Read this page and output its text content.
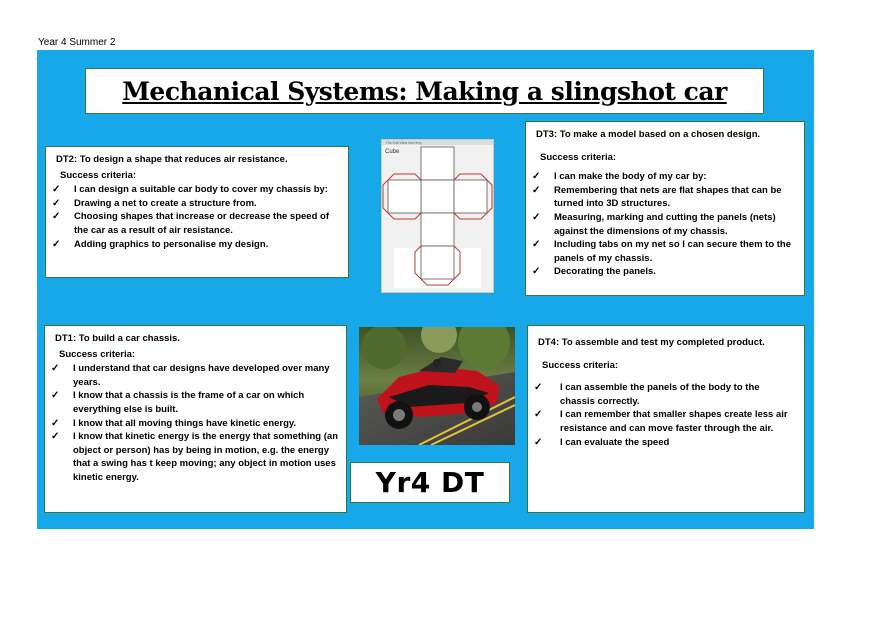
Year 4 Summer 2
Mechanical Systems: Making a slingshot car
DT2: To design a shape that reduces air resistance.
Success criteria:
✓ I can design a suitable car body to cover my chassis by:
✓ Drawing a net to create a structure from.
✓ Choosing shapes that increase or decrease the speed of the car as a result of air resistance.
✓ Adding graphics to personalise my design.
File Edit View Net Help
Cube
DT3: To make a model based on a chosen design.
Success criteria:
✓ I can make the body of my car by:
✓ Remembering that nets are flat shapes that can be turned into 3D structures.
✓ Measuring, marking and cutting the panels (nets) against the dimensions of my chassis.
✓ Including tabs on my net so I can secure them to the panels of my chassis.
✓ Decorating the panels.
DT1: To build a car chassis.
Success criteria:
✓ I understand that car designs have developed over many years.
✓ I know that a chassis is the frame of a car on which everything else is built.
✓ I know that all moving things have kinetic energy.
✓ I know that kinetic energy is the energy that something (an object or person) has by being in motion, e.g. the energy that a swing has t keep moving; any object in motion uses kinetic energy.	Yr4 DT
DT4: To assemble and test my completed product.
Success criteria:
✓ I can assemble the panels of the body to the chassis correctly.
✓ I can remember that smaller shapes create less air resistance and can move faster through the air.
✓ I can evaluate the speed
